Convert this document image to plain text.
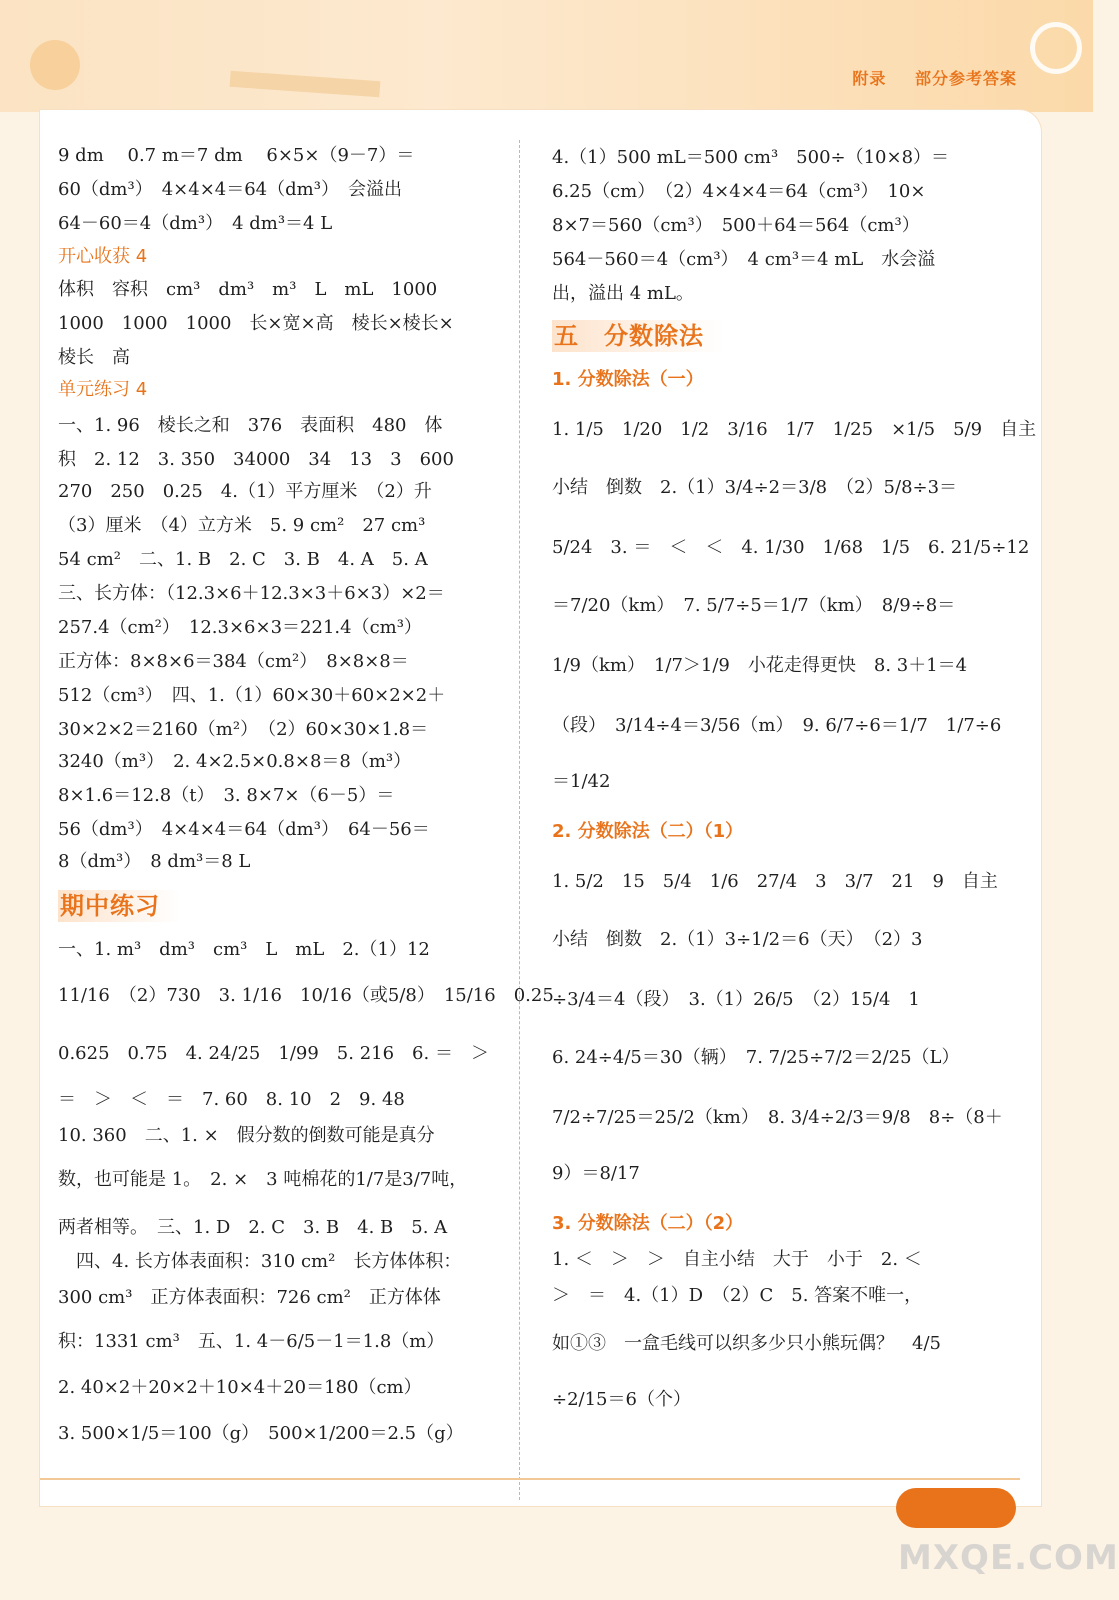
附录 部分参考答案
9 dm　 0.7 m＝7 dm　 6×5×（9－7）＝
60（dm³）　4×4×4＝64（dm³）　会溢出
64－60＝4（dm³）　4 dm³＝4 L
开心收获 4
体积　容积　cm³　dm³　m³　L　mL　1000
1000　1000　1000　长×宽×高　棱长×棱长×
棱长　高
单元练习 4
一、1. 96　棱长之和　376　表面积　480　体
积　2. 12　3. 350　34000　34　13　3　600
270　250　0.25　4.（1）平方厘米　（2）升
（3）厘米　（4）立方米　5. 9 cm²　27 cm³
54 cm²　二、1. B　2. C　3. B　4. A　5. A
三、长方体：（12.3×6＋12.3×3＋6×3）×2＝
257.4（cm²）　12.3×6×3＝221.4（cm³）
正方体：8×8×6＝384（cm²）　8×8×8＝
512（cm³）　四、1.（1）60×30＋60×2×2＋
30×2×2＝2160（m²）　（2）60×30×1.8＝
3240（m³）　2. 4×2.5×0.8×8＝8（m³）
8×1.6＝12.8（t）　3. 8×7×（6－5）＝
56（dm³）　4×4×4＝64（dm³）　64－56＝
8（dm³）　8 dm³＝8 L
期中练习
一、1. m³　dm³　cm³　L　mL　2.（1）12
11/16　（2）730　3. 1/16　10/16（或5/8）　15/16　0.25
0.625　0.75　4. 24/25　1/99　5. 216　6. ＝　＞
＝　＞　＜　＝　7. 60　8. 10　2　9. 48
10. 360　二、1. ×　假分数的倒数可能是真分
数，也可能是 1。　2. ×　3 吨棉花的1/7是3/7吨，
两者相等。　三、1. D　2. C　3. B　4. B　5. A
　四、4. 长方体表面积：310 cm²　长方体体积：
300 cm³　正方体表面积：726 cm²　正方体体
积：1331 cm³　五、1. 4－6/5－1＝1.8（m）
2. 40×2＋20×2＋10×4＋20＝180（cm）
3. 500×1/5＝100（g）　500×1/200＝2.5（g）
4.（1）500 mL＝500 cm³　500÷（10×8）＝
6.25（cm）　（2）4×4×4＝64（cm³）　10×
8×7＝560（cm³）　500＋64＝564（cm³）
564－560＝4（cm³）　4 cm³＝4 mL　水会溢
出，溢出 4 mL。
五　分数除法
1. 分数除法（一）
1. 1/5　1/20　1/2　3/16　1/7　1/25　×1/5　5/9　自主
小结　倒数　2.（1）3/4÷2＝3/8　（2）5/8÷3＝
5/24　3. ＝　＜　＜　4. 1/30　1/68　1/5　6. 21/5÷12
＝7/20（km）　7. 5/7÷5＝1/7（km）　8/9÷8＝
1/9（km）　1/7＞1/9　小花走得更快　8. 3＋1＝4
（段）　3/14÷4＝3/56（m）　9. 6/7÷6＝1/7　1/7÷6
＝1/42
2. 分数除法（二）（1）
1. 5/2　15　5/4　1/6　27/4　3　3/7　21　9　自主
小结　倒数　2.（1）3÷1/2＝6（天）　（2）3
÷3/4＝4（段）　3.（1）26/5　（2）15/4　1
6. 24÷4/5＝30（辆）　7. 7/25÷7/2＝2/25（L）
7/2÷7/25＝25/2（km）　8. 3/4÷2/3＝9/8　8÷（8＋
9）＝8/17
3. 分数除法（二）（2）
1. ＜　＞　＞　自主小结　大于　小于　2. ＜
＞　＝　4.（1）D　（2）C　5. 答案不唯一，
如①③　一盒毛线可以织多少只小熊玩偶？　4/5
÷2/15＝6（个）
MXQE.COM
